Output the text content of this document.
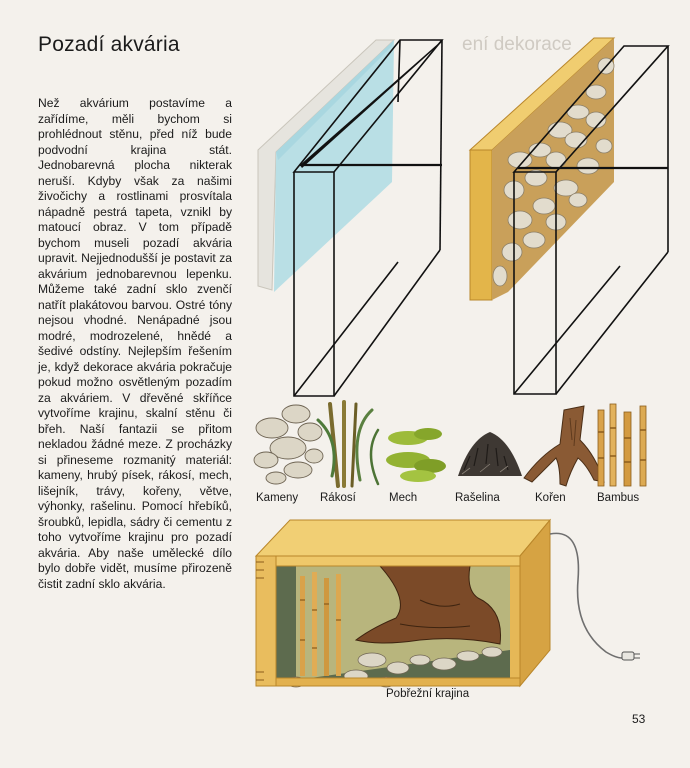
ení dekorace
Pozadí akvária

Než akvárium postavíme a zařídíme, měli bychom si prohlédnout stěnu, před níž bude podvodní krajina stát. Jednobarevná plocha nikterak neruší. Kdyby však za našimi živočichy a rostlinami prosvítala nápadně pestrá tapeta, vznikl by matoucí obraz. V tom případě bychom museli pozadí akvária upravit. Nejjednodušší je postavit za akvárium jednobarevnou lepenku. Můžeme také zadní sklo zvenčí natřít plakátovou barvou. Ostré tóny nejsou vhodné. Nenápadné jsou modré, modrozelené, hnědé a šedivé odstíny. Nejlepším řešením je, když dekorace akvária pokračuje pokud možno osvětleným pozadím za akváriem. V dřevěné skříňce vytvoříme krajinu, skalní stěnu či břeh. Naší fantazii se přitom nekladou žádné meze. Z procházky si přineseme rozmanitý materiál: kameny, hrubý písek, rákosí, mech, lišejník, trávy, kořeny, větve, výhonky, rašelinu. Pomocí hřebíků, šroubků, lepidla, sádry či cementu z toho vytvoříme krajinu pro pozadí akvária. Aby naše umělecké dílo bylo dobře vidět, musíme přirozeně čistit zadní sklo akvária.

Kameny Rákosí	Mech	Rašelina	Kořen	Bambus
Pobřežní krajina
53
